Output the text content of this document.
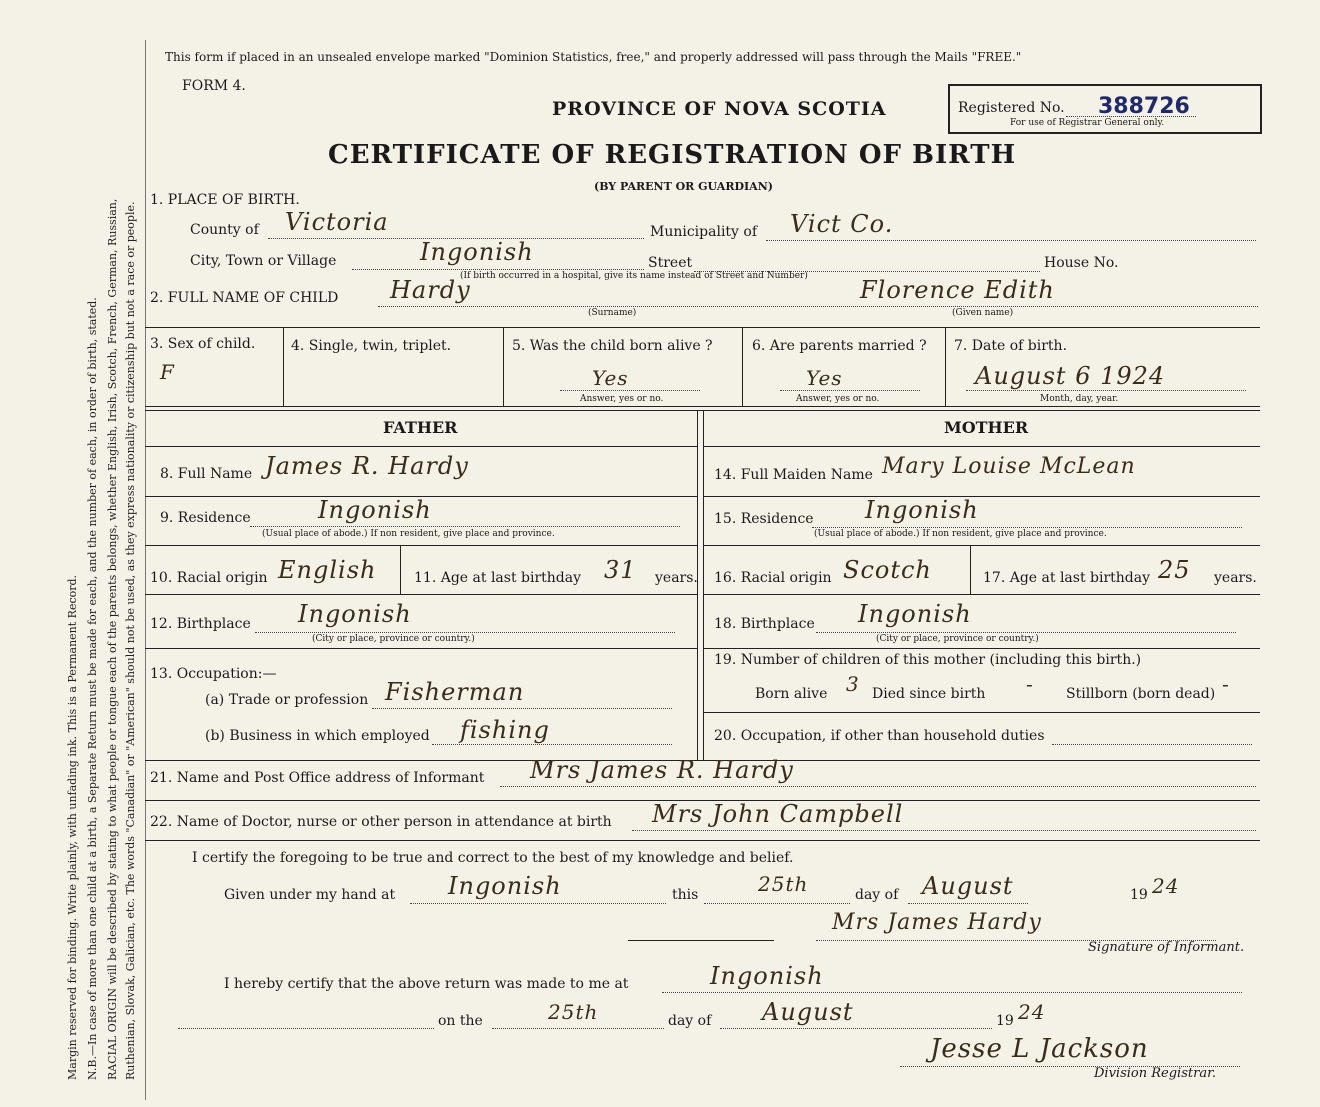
Margin reserved for binding. Write plainly, with unfading ink. This is a Permanent Record. N.B.—In case of more than one child at a birth, a Separate Return must be made for each, and the number of each, in order of birth, stated. RACIAL ORIGIN will be described by stating to what people or tongue each of the parents belongs, whether English, Irish, Scotch, French, German, Russian, Ruthenian, Slovak, Galician, etc. The words "Canadian" or "American" should not be used, as they express nationality or citizenship but not a race or people.
This form if placed in an unsealed envelope marked "Dominion Statistics, free," and properly addressed will pass through the Mails "FREE."
FORM 4.
PROVINCE OF NOVA SCOTIA
CERTIFICATE OF REGISTRATION OF BIRTH
(BY PARENT OR GUARDIAN)
Registered No. 388726
For use of Registrar General only.
1. PLACE OF BIRTH.
County of Victoria	Municipality of Vict Co.
City, Town or Village	Ingonish	Street	House No.
(If birth occurred in a hospital, give its name instead of Street and Number)
2. FULL NAME OF CHILD Hardy	Florence Edith
(Surname)	(Given name)
3. Sex of child.
F
4. Single, twin, triplet.	5. Was the child born alive ?
Yes
Answer, yes or no.
6. Are parents married ?
Yes
Answer, yes or no.
7. Date of birth.
August 6 1924
Month, day, year.
FATHER	MOTHER
8. Full Name James R. Hardy
9. Residence	Ingonish
(Usual place of abode.) If non resident, give place and province.
10. Racial origin English	11. Age at last birthday 31 years.
12. Birthplace Ingonish
(City or place, province or country.)
13. Occupation:—
(a) Trade or profession Fisherman
(b) Business in which employed fishing
14. Full Maiden Name Mary Louise McLean
15. Residence Ingonish
(Usual place of abode.) If non resident, give place and province.
16. Racial origin Scotch	17. Age at last birthday 25 years.
18. Birthplace Ingonish
(City or place, province or country.)
19. Number of children of this mother (including this birth.)
Born alive 3 Died since birth - Stillborn (born dead) -
20. Occupation, if other than household duties
21. Name and Post Office address of Informant Mrs James R. Hardy
22. Name of Doctor, nurse or other person in attendance at birth Mrs John Campbell
I certify the foregoing to be true and correct to the best of my knowledge and belief.
Given under my hand at Ingonish	this	25th	day of August	19 24
Mrs James Hardy
Signature of Informant.
I hereby certify that the above return was made to me at	Ingonish
on the	25th	day of August	19 24
Jesse L Jackson
Division Registrar.
